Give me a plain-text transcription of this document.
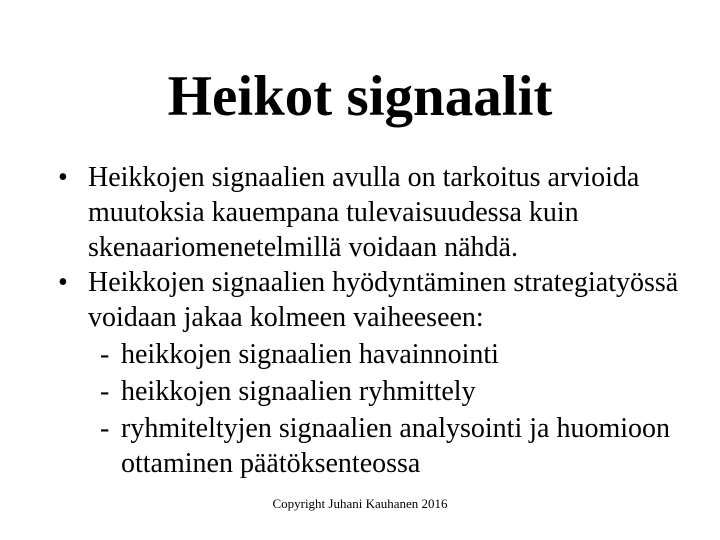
Heikot signaalit
• Heikkojen signaalien avulla on tarkoitus arvioida muutoksia kauempana tulevaisuudessa kuin skenaariomenetelmillä voidaan nähdä.
• Heikkojen signaalien hyödyntäminen strategiatyössä voidaan jakaa kolmeen vaiheeseen:
- heikkojen signaalien havainnointi
- heikkojen signaalien ryhmittely
- ryhmiteltyjen signaalien analysointi ja huomioon ottaminen päätöksenteossa
Copyright Juhani Kauhanen 2016
